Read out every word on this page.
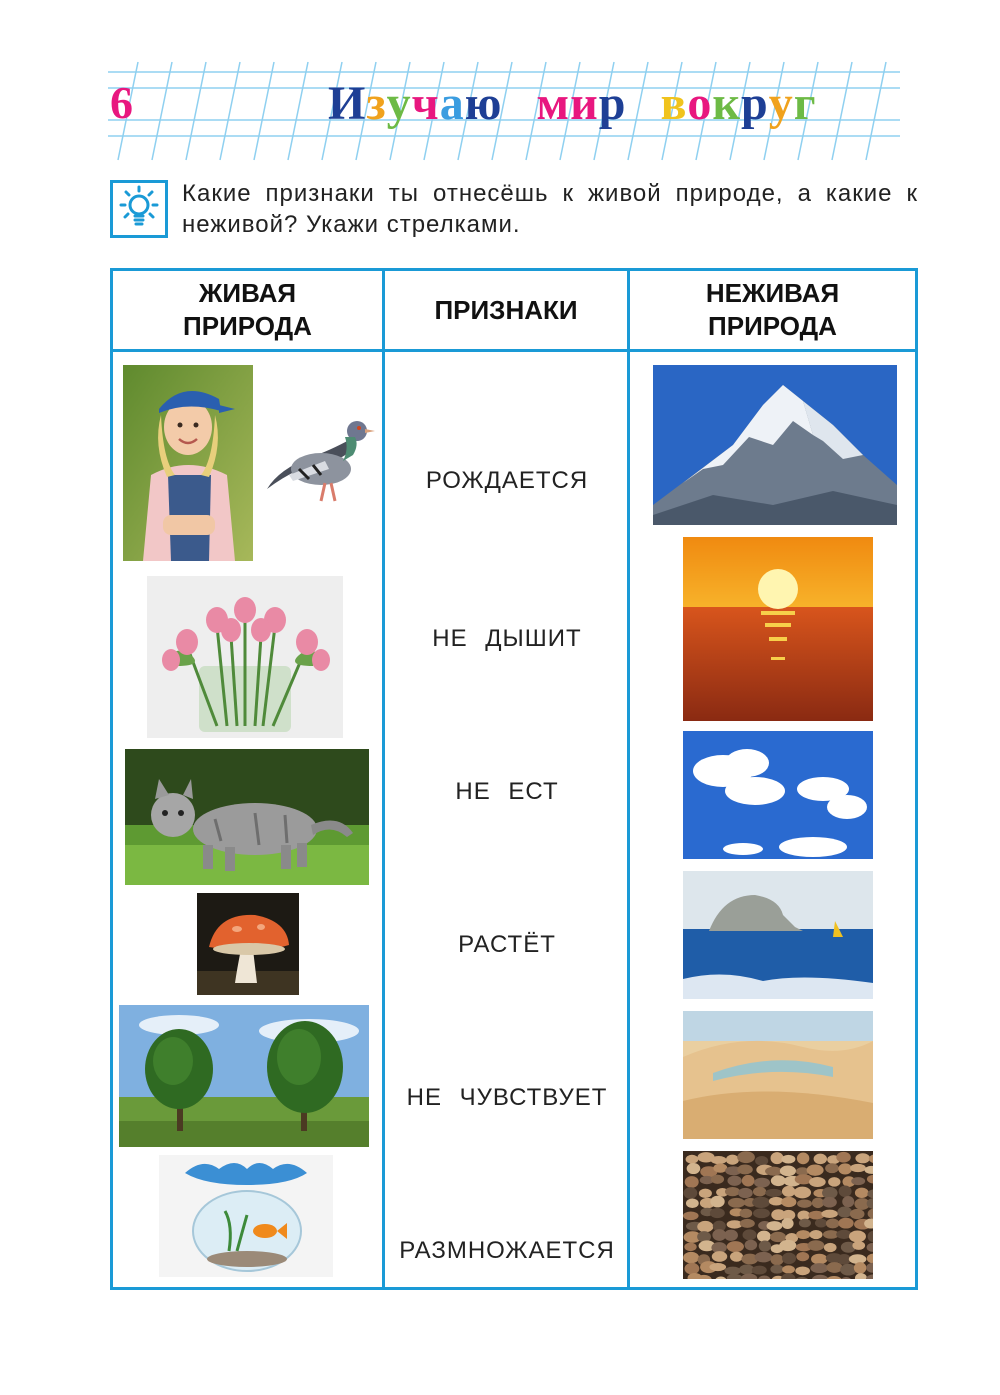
6	Изучаю мир вокруг
Какие признаки ты отнесёшь к живой природе, а какие к неживой? Укажи стрелками.
ЖИВАЯ ПРИРОДА
ПРИЗНАКИ
НЕЖИВАЯ ПРИРОДА
РОЖДАЕТСЯ
НЕ ДЫШИТ
НЕ ЕСТ
РАСТЁТ
НЕ ЧУВСТВУЕТ
РАЗМНОЖАЕТСЯ
